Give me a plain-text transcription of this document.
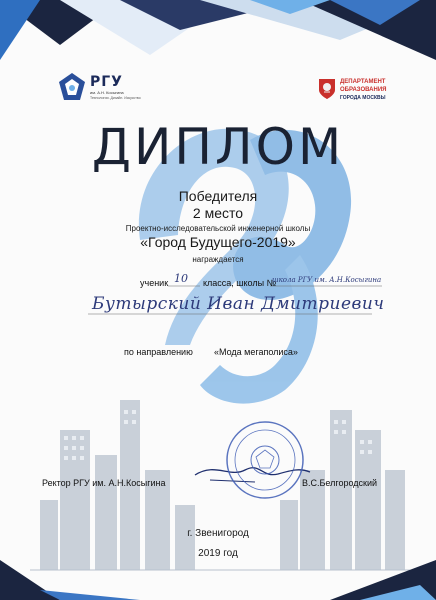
РГУ
им. А.Н. Косыгина
Технологии. Дизайн. Искусство
ДЕПАРТАМЕНТ
ОБРАЗОВАНИЯ
ГОРОДА МОСКВЫ
ДИПЛОМ
Победителя
2 место
Проектно-исследовательской инженерной школы
«Город Будущего-2019»
награждается
ученик 10 класса, школы №
школа РГУ им. А.Н.Косыгина
Бутырский Иван Дмитриевич
по направлению «Мода мегаполиса»
Ректор РГУ им. А.Н.Косыгина	В.С.Белгородский
г. Звенигород
2019 год
